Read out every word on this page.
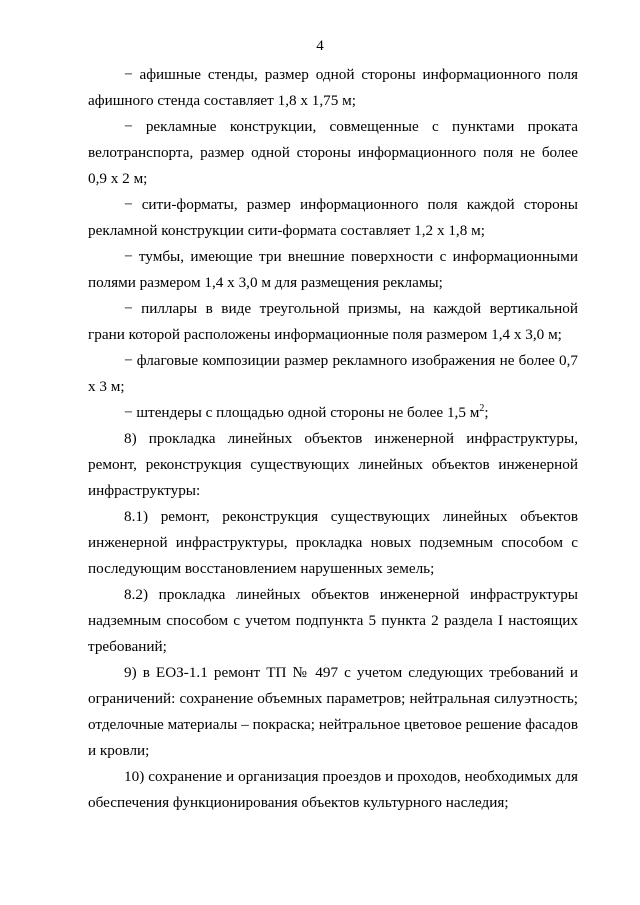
4

− афишные стенды, размер одной стороны информационного поля афишного стенда составляет 1,8 х 1,75 м;

− рекламные конструкции, совмещенные с пунктами проката велотранспорта, размер одной стороны информационного поля не более 0,9 х 2 м;

− сити-форматы, размер информационного поля каждой стороны рекламной конструкции сити-формата составляет 1,2 х 1,8 м;

− тумбы, имеющие три внешние поверхности с информационными полями размером 1,4 х 3,0 м для размещения рекламы;

− пиллары в виде треугольной призмы, на каждой вертикальной грани которой расположены информационные поля размером 1,4 х 3,0 м;

− флаговые композиции размер рекламного изображения не более 0,7 х 3 м;

− штендеры с площадью одной стороны не более 1,5 $м^2$;

8) прокладка линейных объектов инженерной инфраструктуры, ремонт, реконструкция существующих линейных объектов инженерной инфраструктуры:

8.1) ремонт, реконструкция существующих линейных объектов инженерной инфраструктуры, прокладка новых подземным способом с последующим восстановлением нарушенных земель;

8.2) прокладка линейных объектов инженерной инфраструктуры надземным способом с учетом подпункта 5 пункта 2 раздела I настоящих требований;

9) в ЕОЗ-1.1 ремонт ТП № 497 с учетом следующих требований и ограничений: сохранение объемных параметров; нейтральная силуэтность; отделочные материалы – покраска; нейтральное цветовое решение фасадов и кровли;

10) сохранение и организация проездов и проходов, необходимых для обеспечения функционирования объектов культурного наследия;
